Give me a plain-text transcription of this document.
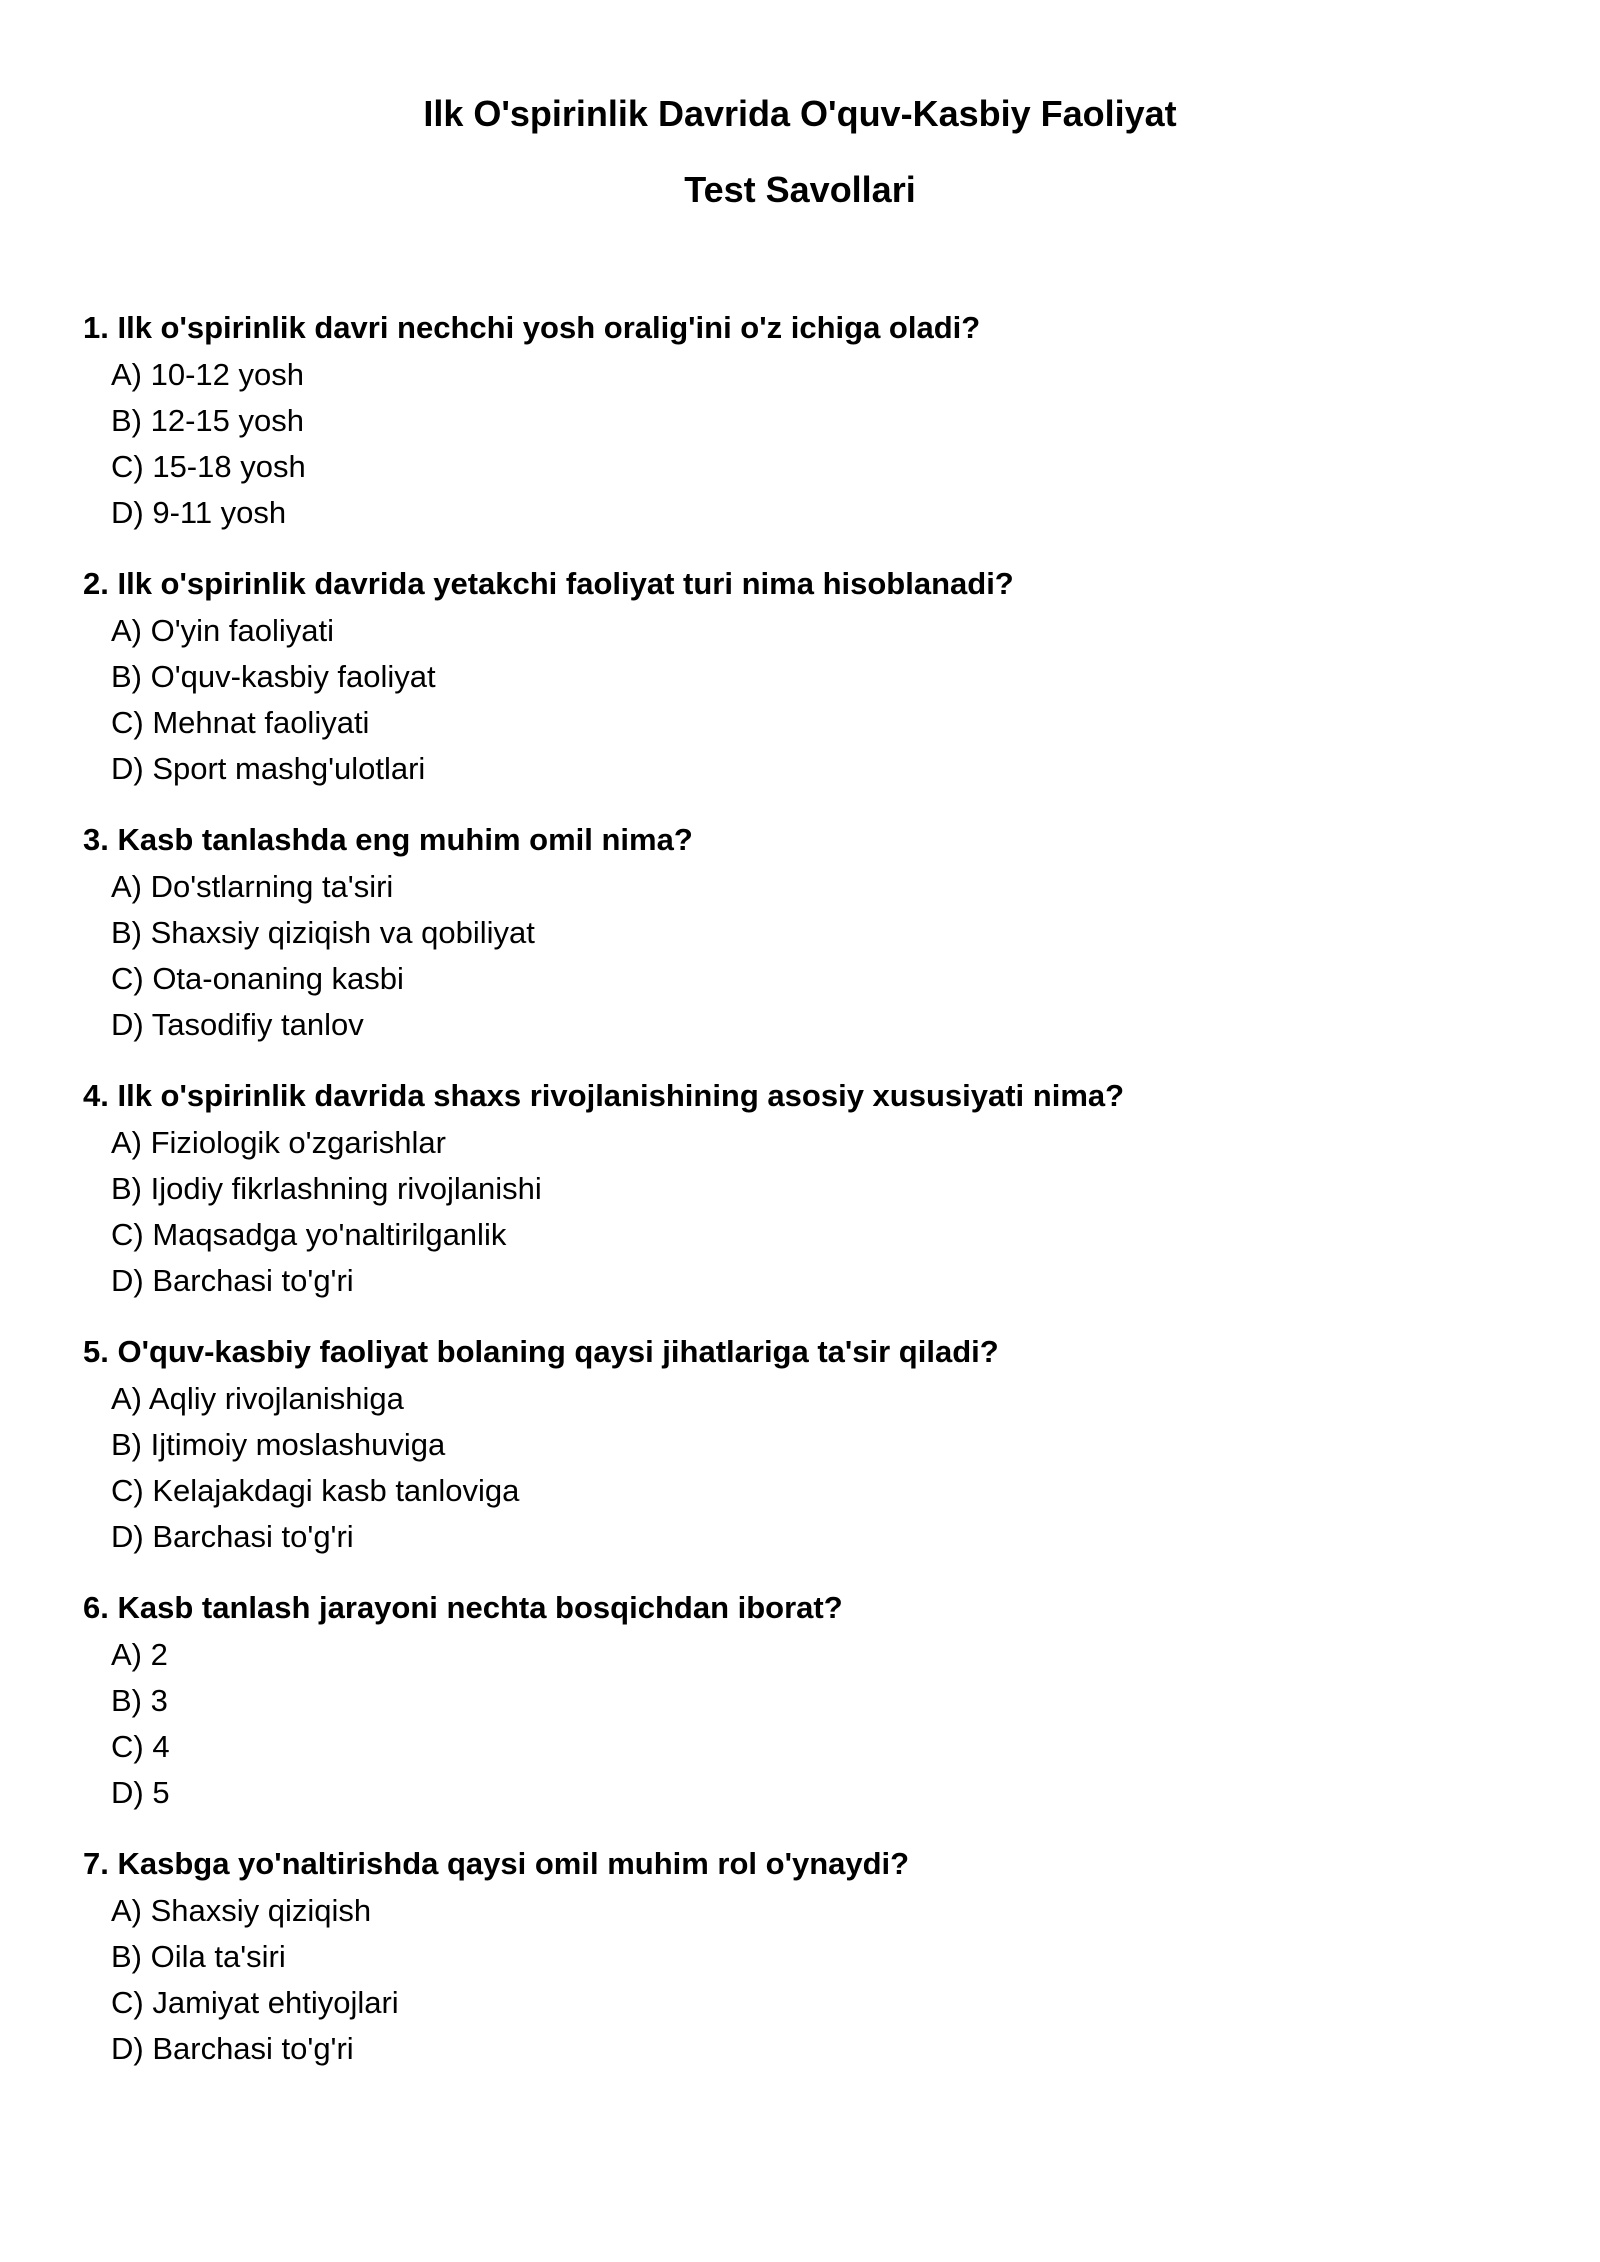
Ilk O'spirinlik Davrida O'quv-Kasbiy Faoliyat
Test Savollari
1. Ilk o'spirinlik davri nechchi yosh oralig'ini o'z ichiga oladi?
A) 10-12 yosh
B) 12-15 yosh
C) 15-18 yosh
D) 9-11 yosh
2. Ilk o'spirinlik davrida yetakchi faoliyat turi nima hisoblanadi?
A) O'yin faoliyati
B) O'quv-kasbiy faoliyat
C) Mehnat faoliyati
D) Sport mashg'ulotlari
3. Kasb tanlashda eng muhim omil nima?
A) Do'stlarning ta'siri
B) Shaxsiy qiziqish va qobiliyat
C) Ota-onaning kasbi
D) Tasodifiy tanlov
4. Ilk o'spirinlik davrida shaxs rivojlanishining asosiy xususiyati nima?
A) Fiziologik o'zgarishlar
B) Ijodiy fikrlashning rivojlanishi
C) Maqsadga yo'naltirilganlik
D) Barchasi to'g'ri
5. O'quv-kasbiy faoliyat bolaning qaysi jihatlariga ta'sir qiladi?
A) Aqliy rivojlanishiga
B) Ijtimoiy moslashuviga
C) Kelajakdagi kasb tanloviga
D) Barchasi to'g'ri
6. Kasb tanlash jarayoni nechta bosqichdan iborat?
A) 2
B) 3
C) 4
D) 5
7. Kasbga yo'naltirishda qaysi omil muhim rol o'ynaydi?
A) Shaxsiy qiziqish
B) Oila ta'siri
C) Jamiyat ehtiyojlari
D) Barchasi to'g'ri
